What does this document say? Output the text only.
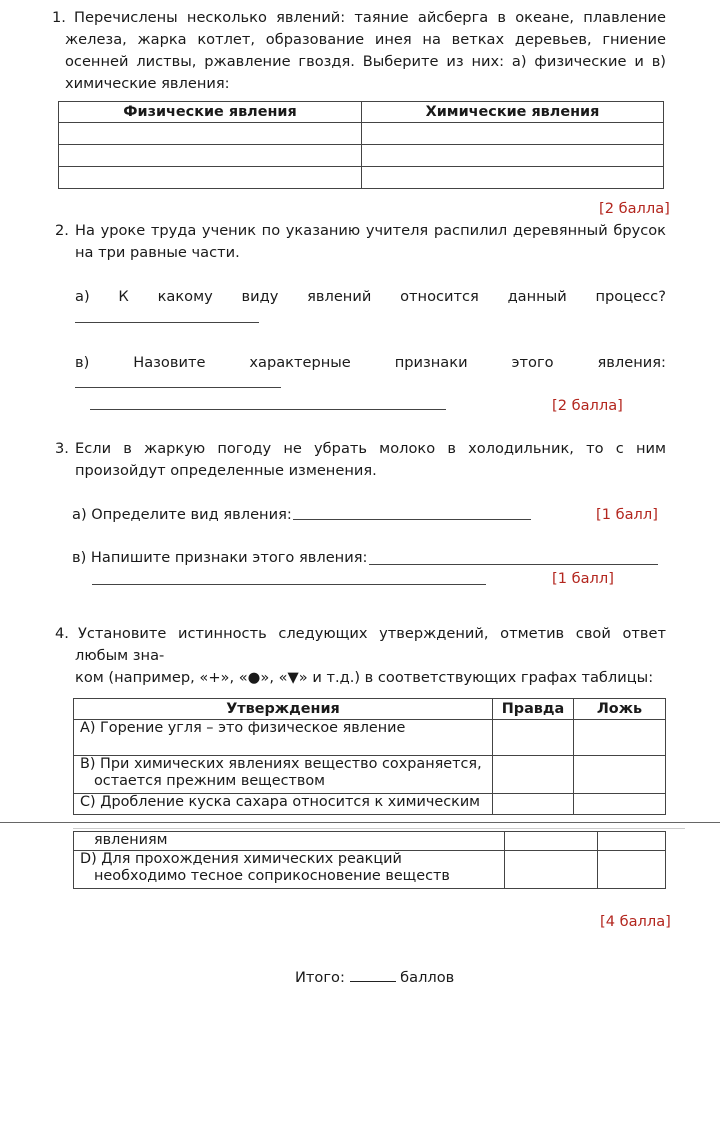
1. Перечислены несколько явлений: таяние айсберга в океане, плавление
железа, жарка котлет, образование инея на ветках деревьев, гниение
осенней листвы, ржавление гвоздя. Выберите из них: а) физические и в)
химические явления:
Физические явления	Химические явления

[2 балла]
2. На уроке труда ученик по указанию учителя распилил деревянный брусок
на три равные части.
а) К какому виду явлений относится данный процесс?
в)	Назовите	характерные	признаки	этого	явления:
[2 балла]
3. Если в жаркую погоду не убрать молоко в холодильник, то с ним
произойдут определенные изменения.
а) Определите вид явления:	[1 балл]
в) Напишите признаки этого явления:
[1 балл]
4. Установите истинность следующих утверждений, отметив свой ответ
любым зна-
ком (например, «+», «●», «▼» и т.д.) в соответствующих графах таблицы:
Утверждения	Правда	Ложь
А) Горение угля – это физическое явление		

В) При химических явлениях вещество сохраняется,
остается прежним веществом		

С) Дробление куска сахара относится к химическим		
явлениям		

D) Для прохождения химических реакций
необходимо тесное соприкосновение веществ		

[4 балла]
Итого:	баллов
